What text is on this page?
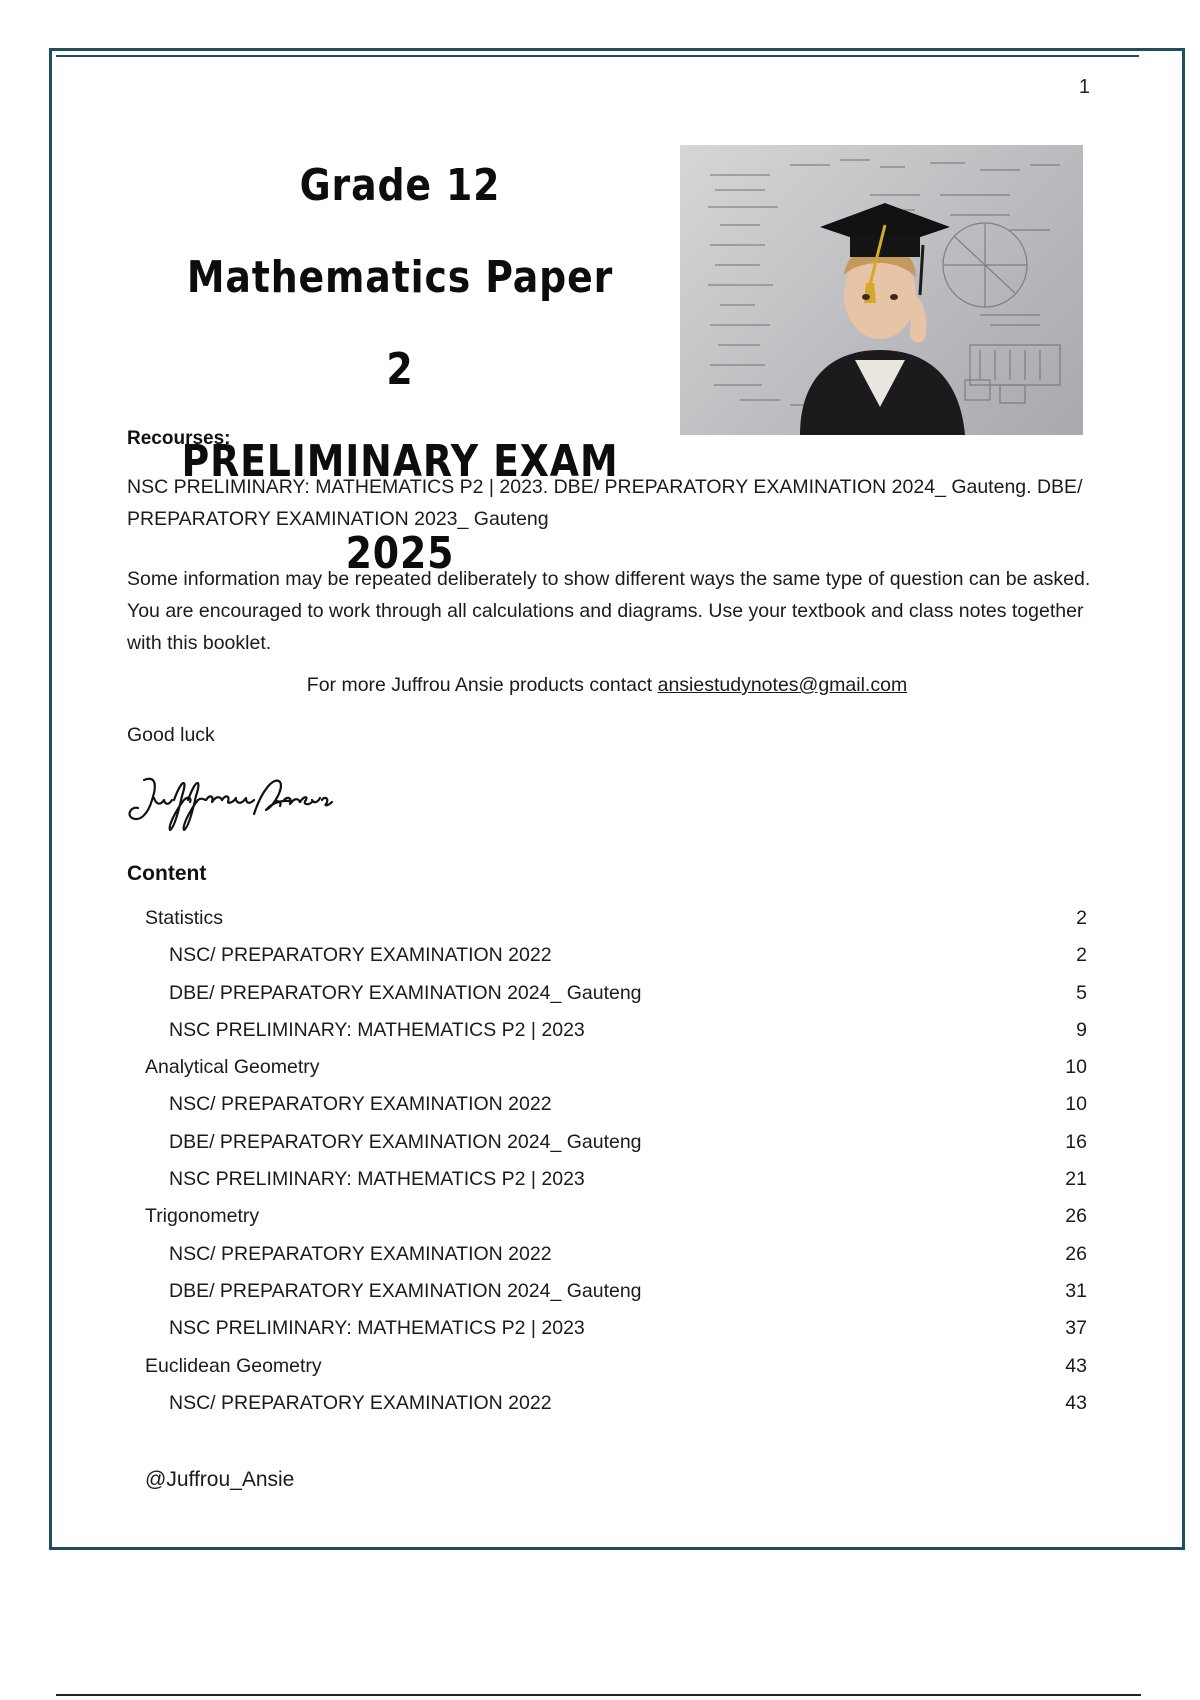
1
Grade 12
Mathematics Paper 2
PRELIMINARY EXAM 2025
Recourses:
NSC PRELIMINARY: MATHEMATICS P2 | 2023. DBE/ PREPARATORY EXAMINATION 2024_ Gauteng. DBE/ PREPARATORY EXAMINATION 2023_ Gauteng
Some information may be repeated deliberately to show different ways the same type of question can be asked. You are encouraged to work through all calculations and diagrams. Use your textbook and class notes together with this booklet.
For more Juffrou Ansie products contact ansiestudynotes@gmail.com
Good luck
Content
Statistics	2
NSC/ PREPARATORY EXAMINATION 2022	2
DBE/ PREPARATORY EXAMINATION 2024_ Gauteng	5
NSC PRELIMINARY: MATHEMATICS P2 | 2023	9
Analytical Geometry	10
NSC/ PREPARATORY EXAMINATION 2022	10
DBE/ PREPARATORY EXAMINATION 2024_ Gauteng	16
NSC PRELIMINARY: MATHEMATICS P2 | 2023	21
Trigonometry	26
NSC/ PREPARATORY EXAMINATION 2022	26
DBE/ PREPARATORY EXAMINATION 2024_ Gauteng	31
NSC PRELIMINARY: MATHEMATICS P2 | 2023	37
Euclidean Geometry	43
NSC/ PREPARATORY EXAMINATION 2022	43
@Juffrou_Ansie
